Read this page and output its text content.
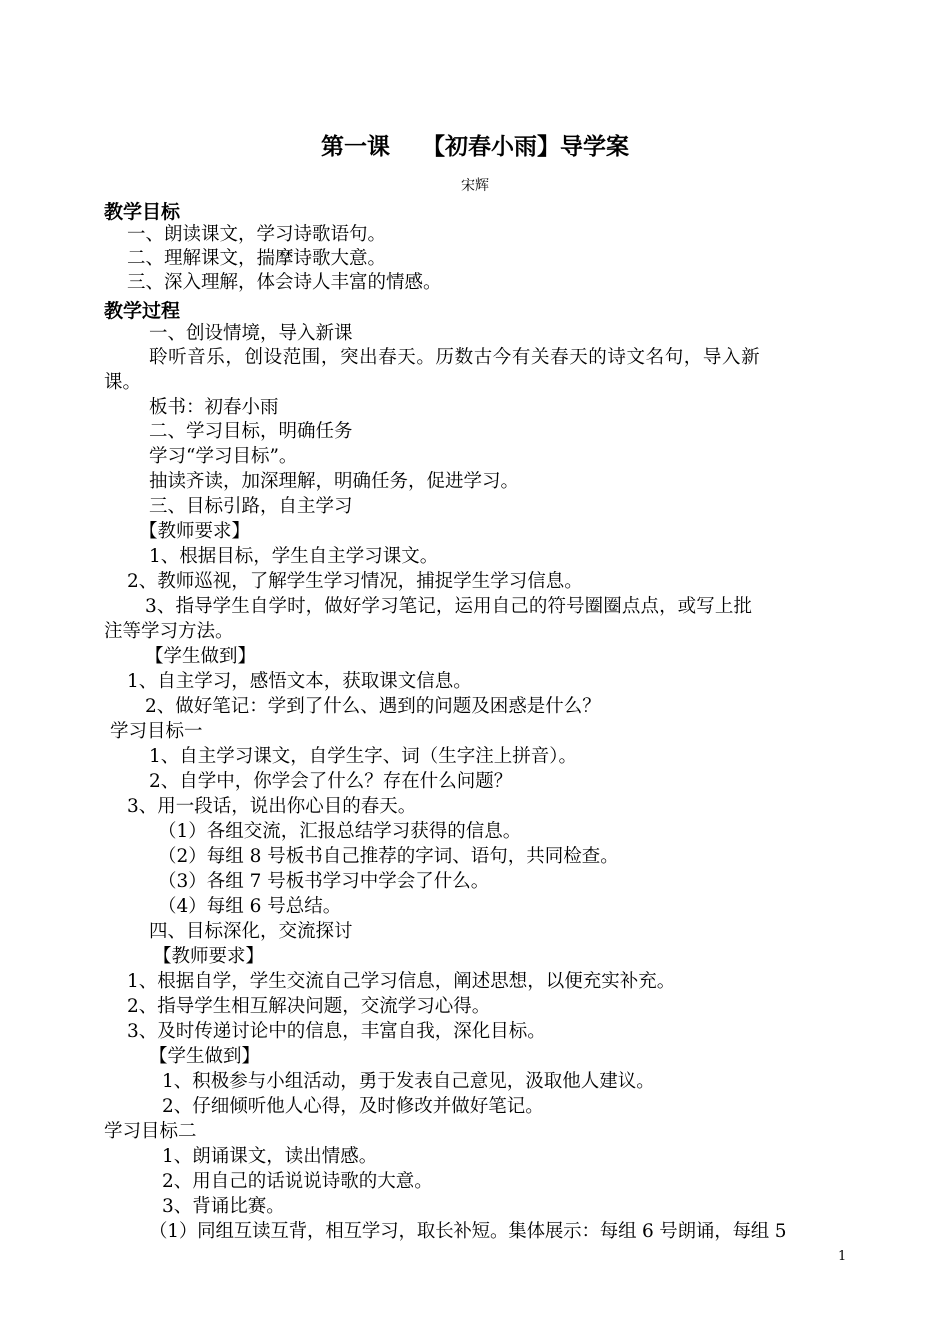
第一课    【初春小雨】导学案
宋辉
教学目标
一、朗读课文，学习诗歌语句。
二、理解课文，揣摩诗歌大意。
三、深入理解，体会诗人丰富的情感。
教学过程
一、创设情境，导入新课
聆听音乐，创设范围，突出春天。历数古今有关春天的诗文名句，导入新
课。
板书：初春小雨
二、学习目标，明确任务
学习“学习目标”。
抽读齐读，加深理解，明确任务，促进学习。
三、目标引路，自主学习
【教师要求】
1、根据目标，学生自主学习课文。
2、教师巡视，了解学生学习情况，捕捉学生学习信息。
3、指导学生自学时，做好学习笔记，运用自己的符号圈圈点点，或写上批
注等学习方法。
【学生做到】
1、自主学习，感悟文本，获取课文信息。
2、做好笔记：学到了什么、遇到的问题及困惑是什么？
学习目标一
1、自主学习课文，自学生字、词（生字注上拼音）。
2、自学中，你学会了什么？存在什么问题？
3、用一段话，说出你心目的春天。
（1）各组交流，汇报总结学习获得的信息。
（2）每组 8 号板书自己推荐的字词、语句，共同检查。
（3）各组 7 号板书学习中学会了什么。
（4）每组 6 号总结。
四、目标深化，交流探讨
【教师要求】
1、根据自学，学生交流自己学习信息，阐述思想，以便充实补充。
2、指导学生相互解决问题，交流学习心得。
3、及时传递讨论中的信息，丰富自我，深化目标。
【学生做到】
1、积极参与小组活动，勇于发表自己意见，汲取他人建议。
2、仔细倾听他人心得，及时修改并做好笔记。
学习目标二
1、朗诵课文，读出情感。
2、用自己的话说说诗歌的大意。
3、背诵比赛。
（1）同组互读互背，相互学习，取长补短。集体展示：每组 6 号朗诵，每组 5
1
